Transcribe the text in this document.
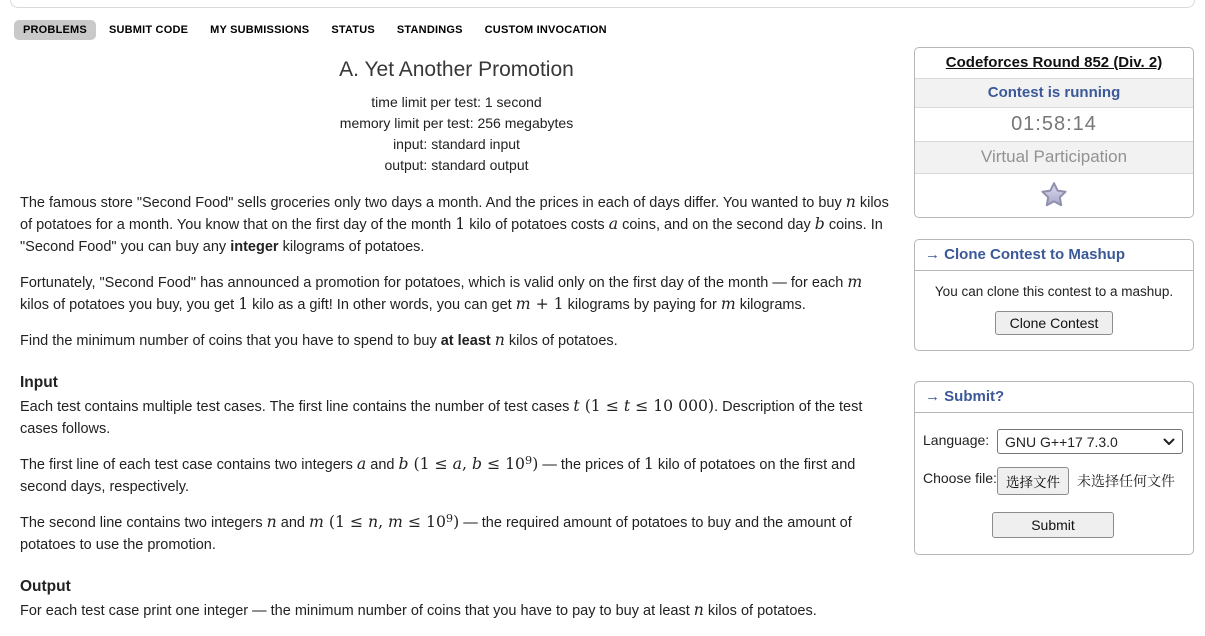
PROBLEMS	SUBMIT CODE	MY SUBMISSIONS	STATUS	STANDINGS	CUSTOM INVOCATION
A. Yet Another Promotion
time limit per test: 1 second
memory limit per test: 256 megabytes
input: standard input
output: standard output

The famous store "Second Food" sells groceries only two days a month. And the prices in each of days differ. You wanted to buy n kilos of potatoes for a month. You know that on the first day of the month 1 kilo of potatoes costs a coins, and on the second day b coins. In "Second Food" you can buy any integer kilograms of potatoes.

Fortunately, "Second Food" has announced a promotion for potatoes, which is valid only on the first day of the month — for each m kilos of potatoes you buy, you get 1 kilo as a gift! In other words, you can get m + 1 kilograms by paying for m kilograms.

Find the minimum number of coins that you have to spend to buy at least n kilos of potatoes.

Input

Each test contains multiple test cases. The first line contains the number of test cases t (1 ≤ t ≤ 10 000). Description of the test cases follows.

The first line of each test case contains two integers a and b (1 ≤ a, $b \le 10^9$) — the prices of 1 kilo of potatoes on the first and second days, respectively.

The second line contains two integers n and m (1 ≤ n, $m \le 10^9$) — the required amount of potatoes to buy and the amount of potatoes to use the promotion.

Output

For each test case print one integer — the minimum number of coins that you have to pay to buy at least n kilos of potatoes.

Codeforces Round 852 (Div. 2)
Contest is running
01:58:14
Virtual Participation
→ Clone Contest to Mashup
You can clone this contest to a mashup.
Clone Contest
→ Submit?
Language:	GNU G++17 7.3.0
Choose file: 选择文件	未选择任何文件
Submit
